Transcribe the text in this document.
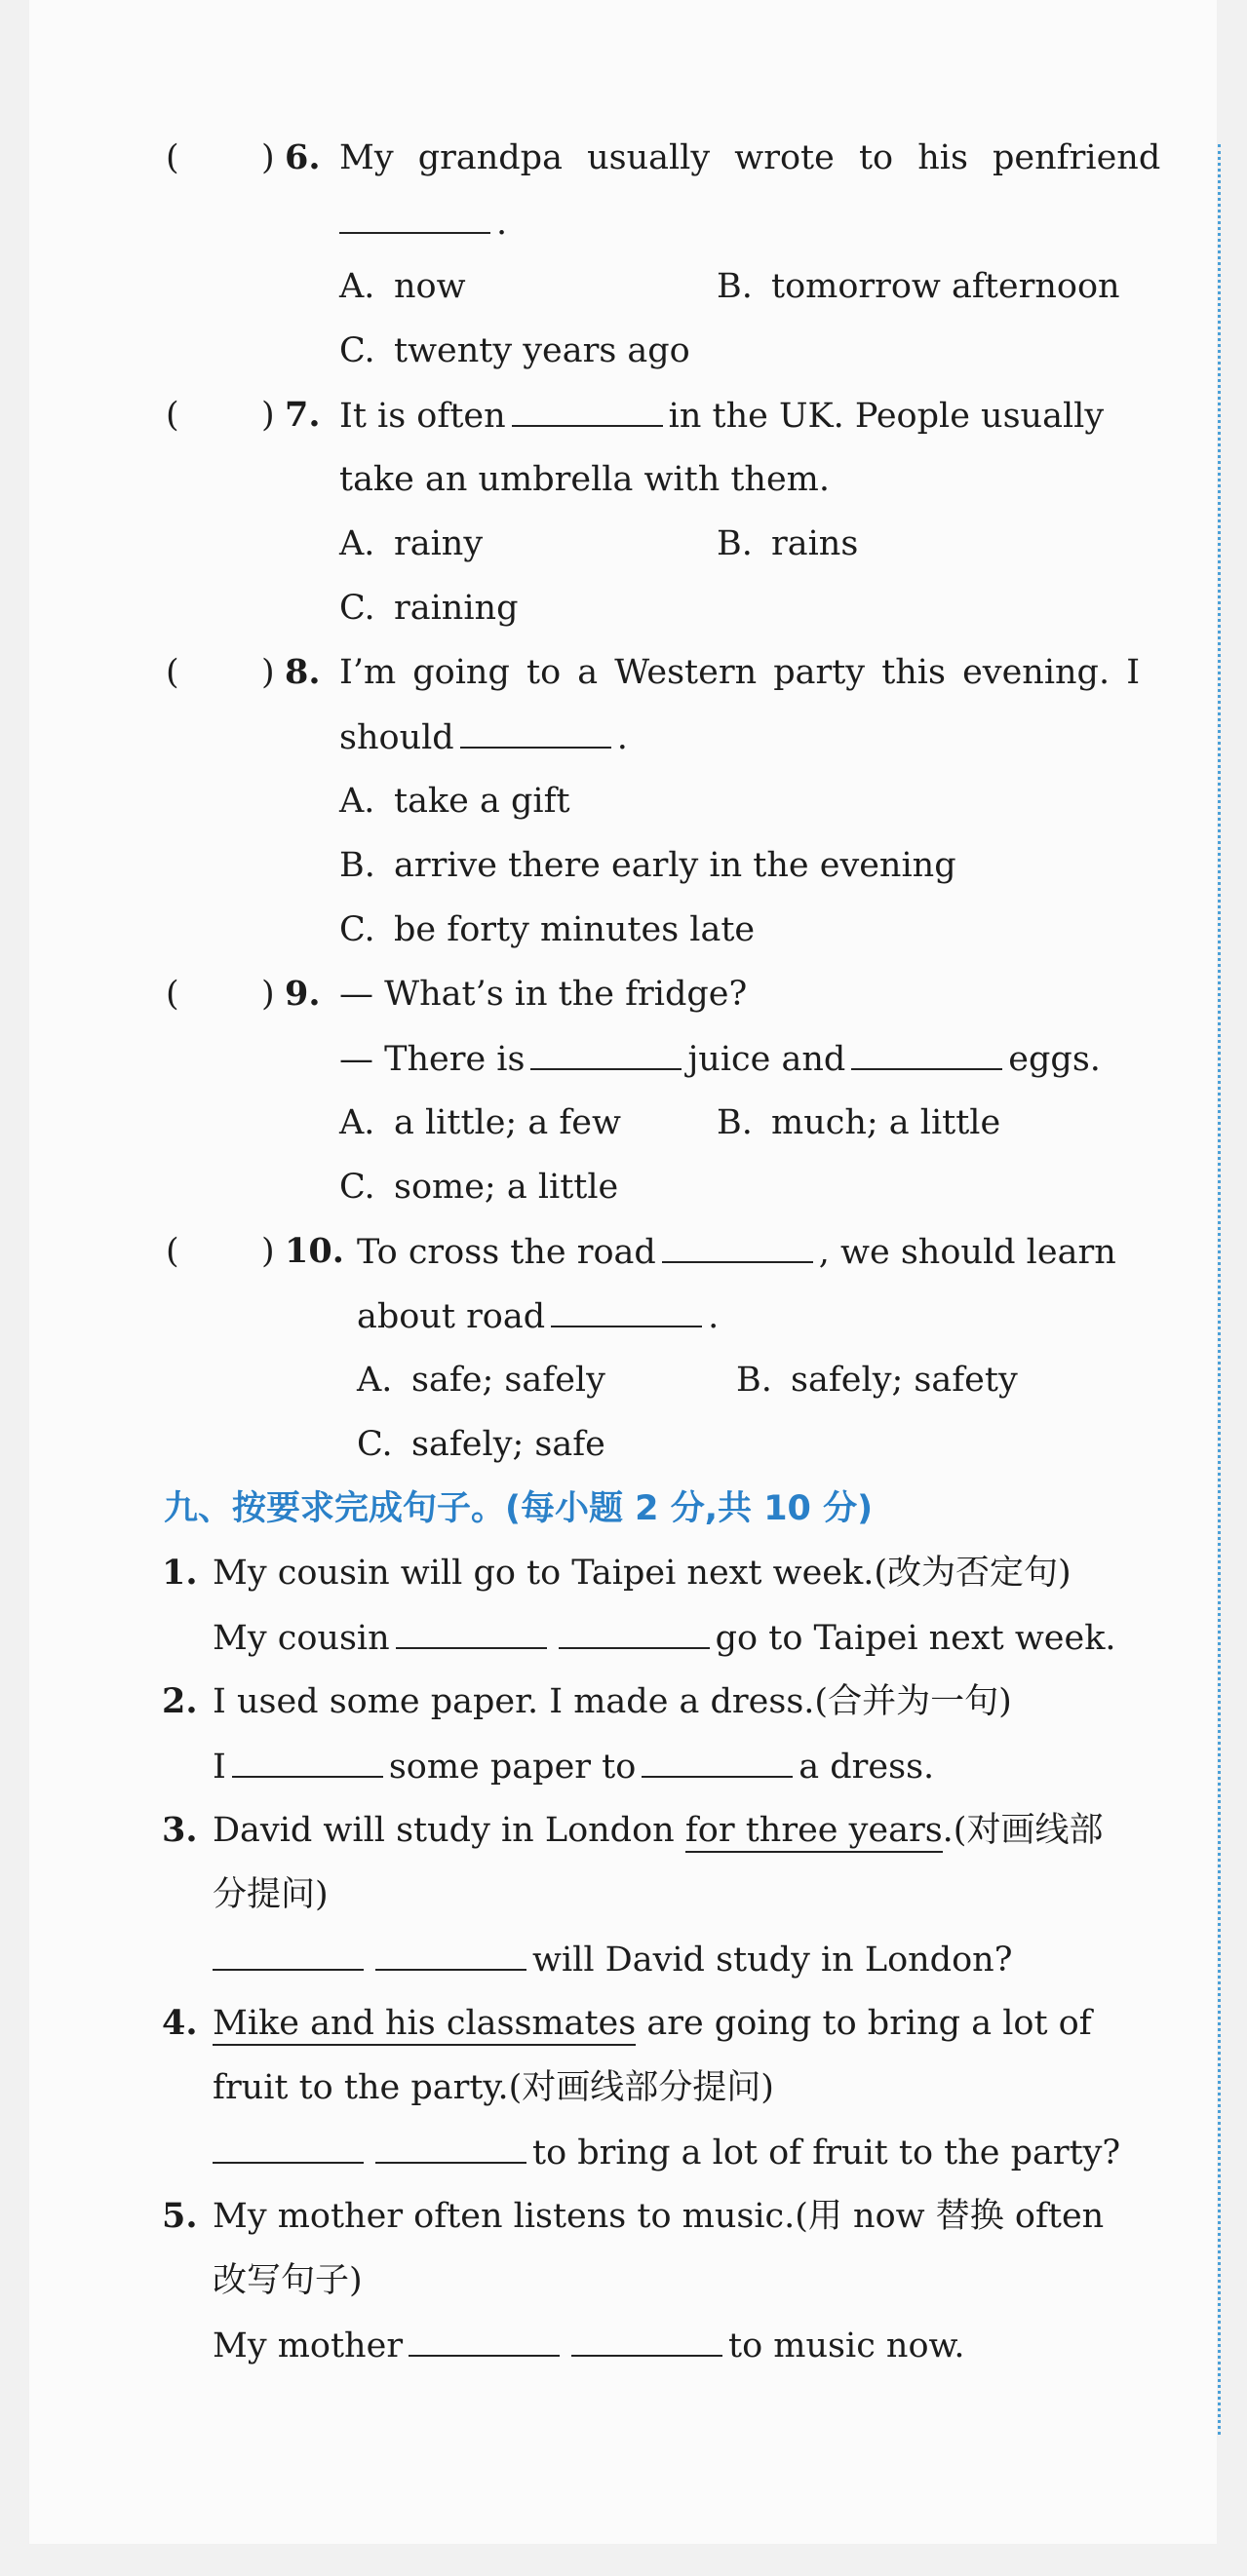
( ) 6. My grandpa usually wrote to his penfriend
.
A. now	B. tomorrow afternoon
C. twenty years ago
( ) 7. It is often	in the UK. People usually
take an umbrella with them.
A. rainy	B. rains
C. raining
( ) 8. I’m going to a Western party this evening. I
should	.
A. take a gift
B. arrive there early in the evening
C. be forty minutes late
( ) 9. — What’s in the fridge?
— There is	juice and	eggs.
A. a little; a few	B. much; a little
C. some; a little
( ) 10. To cross the road	, we should learn
about road	.
A. safe; safely	B. safely; safety
C. safely; safe
九、按要求完成句子。(每小题 2 分,共 10 分)
1. My cousin will go to Taipei next week.(改为否定句)
My cousin	go to Taipei next week.
2. I used some paper. I made a dress.(合并为一句)
I	some paper to	a dress.
3. David will study in London for three years.(对画线部
分提问)
will David study in London?
4. Mike and his classmates are going to bring a lot of
fruit to the party.(对画线部分提问)
to bring a lot of fruit to the party?
5. My mother often listens to music.(用 now 替换 often
改写句子)
My mother	to music now.
